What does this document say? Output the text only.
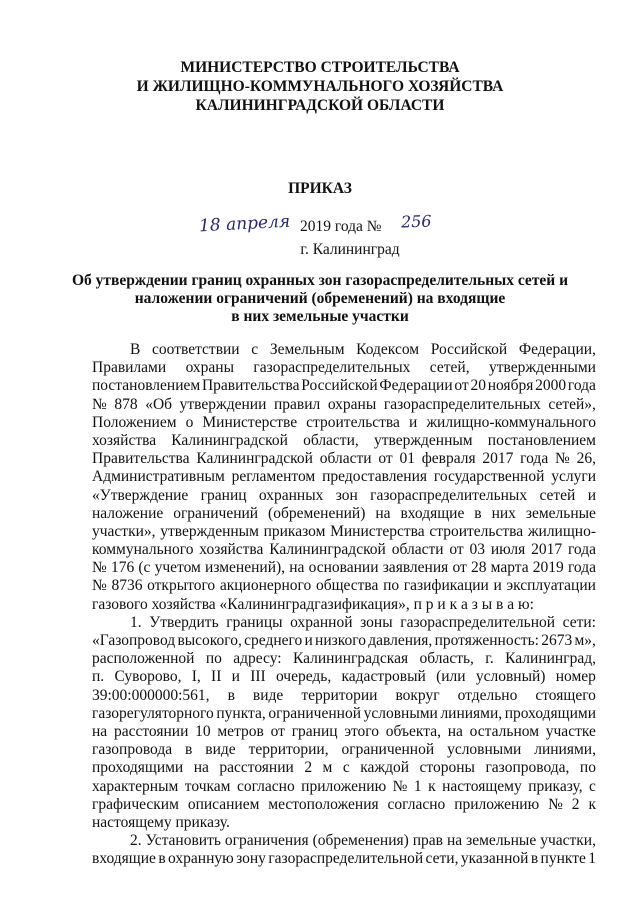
МИНИСТЕРСТВО СТРОИТЕЛЬСТВА
И ЖИЛИЩНО-КОММУНАЛЬНОГО ХОЗЯЙСТВА
КАЛИНИНГРАДСКОЙ ОБЛАСТИ
ПРИКАЗ
18 апреля 2019 года № 256
г. Калининград
Об утверждении границ охранных зон газораспределительных сетей и
наложении ограничений (обременений) на входящие
в них земельные участки
В соответствии с Земельным Кодексом Российской Федерации,
Правилами охраны газораспределительных сетей, утвержденными
постановлением Правительства Российской Федерации от 20 ноября 2000 года
№ 878 «Об утверждении правил охраны газораспределительных сетей»,
Положением о Министерстве строительства и жилищно-коммунального
хозяйства Калининградской области, утвержденным постановлением
Правительства Калининградской области от 01 февраля 2017 года № 26,
Административным регламентом предоставления государственной услуги
«Утверждение границ охранных зон газораспределительных сетей и
наложение ограничений (обременений) на входящие в них земельные
участки», утвержденным приказом Министерства строительства жилищно-
коммунального хозяйства Калининградской области от 03 июля 2017 года
№ 176 (с учетом изменений), на основании заявления от 28 марта 2019 года
№ 8736 открытого акционерного общества по газификации и эксплуатации
газового хозяйства «Калининградгазификация», п р и к а з ы в а ю:
1. Утвердить границы охранной зоны газораспределительной сети:
«Газопровод высокого, среднего и низкого давления, протяженность: 2673 м»,
расположенной по адресу: Калининградская область, г. Калининград,
п. Суворово, I, II и III очередь, кадастровый (или условный) номер
39:00:000000:561, в виде территории вокруг отдельно стоящего
газорегуляторного пункта, ограниченной условными линиями, проходящими
на расстоянии 10 метров от границ этого объекта, на остальном участке
газопровода в виде территории, ограниченной условными линиями,
проходящими на расстоянии 2 м с каждой стороны газопровода, по
характерным точкам согласно приложению № 1 к настоящему приказу, с
графическим описанием местоположения согласно приложению № 2 к
настоящему приказу.
2. Установить ограничения (обременения) прав на земельные участки,
входящие в охранную зону газораспределительной сети, указанной в пункте 1
